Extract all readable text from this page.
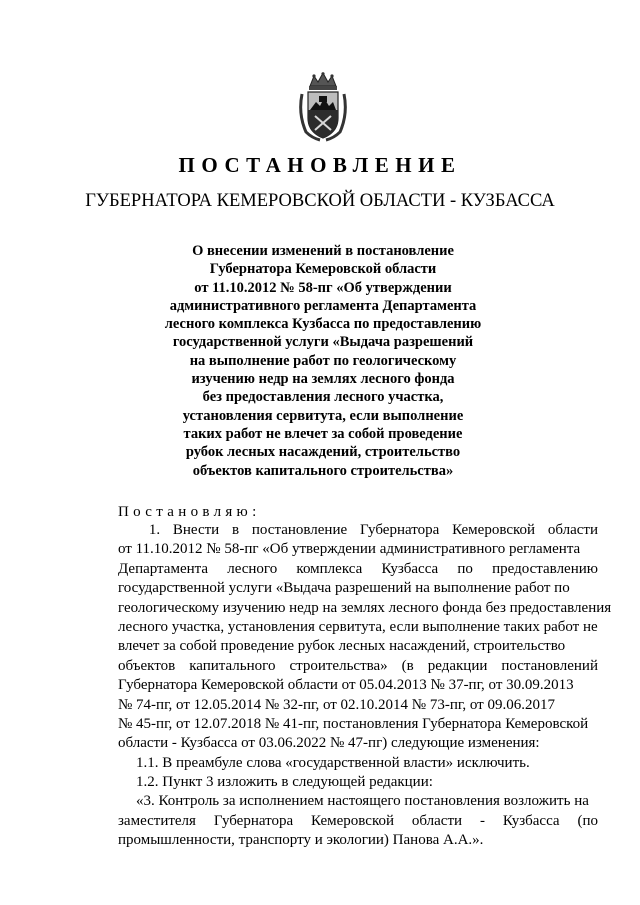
ПОСТАНОВЛЕНИЕ
ГУБЕРНАТОРА КЕМЕРОВСКОЙ ОБЛАСТИ - КУЗБАССА
О внесении изменений в постановление
Губернатора Кемеровской области
от 11.10.2012 № 58-пг «Об утверждении
административного регламента Департамента
лесного комплекса Кузбасса по предоставлению
государственной услуги «Выдача разрешений
на выполнение работ по геологическому
изучению недр на землях лесного фонда
без предоставления лесного участка,
установления сервитута, если выполнение
таких работ не влечет за собой проведение
рубок лесных насаждений, строительство
объектов капитального строительства»
Постановляю:
1. Внести в постановление Губернатора Кемеровской области
от 11.10.2012 № 58-пг «Об утверждении административного регламента
Департамента лесного комплекса Кузбасса по предоставлению
государственной услуги «Выдача разрешений на выполнение работ по
геологическому изучению недр на землях лесного фонда без предоставления
лесного участка, установления сервитута, если выполнение таких работ не
влечет за собой проведение рубок лесных насаждений, строительство
объектов капитального строительства» (в редакции постановлений
Губернатора Кемеровской области от 05.04.2013 № 37-пг, от 30.09.2013
№ 74-пг, от 12.05.2014 № 32-пг, от 02.10.2014 № 73-пг, от 09.06.2017
№ 45-пг, от 12.07.2018 № 41-пг, постановления Губернатора Кемеровской
области - Кузбасса от 03.06.2022 № 47-пг) следующие изменения:
1.1. В преамбуле слова «государственной власти» исключить.
1.2. Пункт 3 изложить в следующей редакции:
«3. Контроль за исполнением настоящего постановления возложить на
заместителя Губернатора Кемеровской области - Кузбасса (по
промышленности, транспорту и экологии) Панова А.А.».
